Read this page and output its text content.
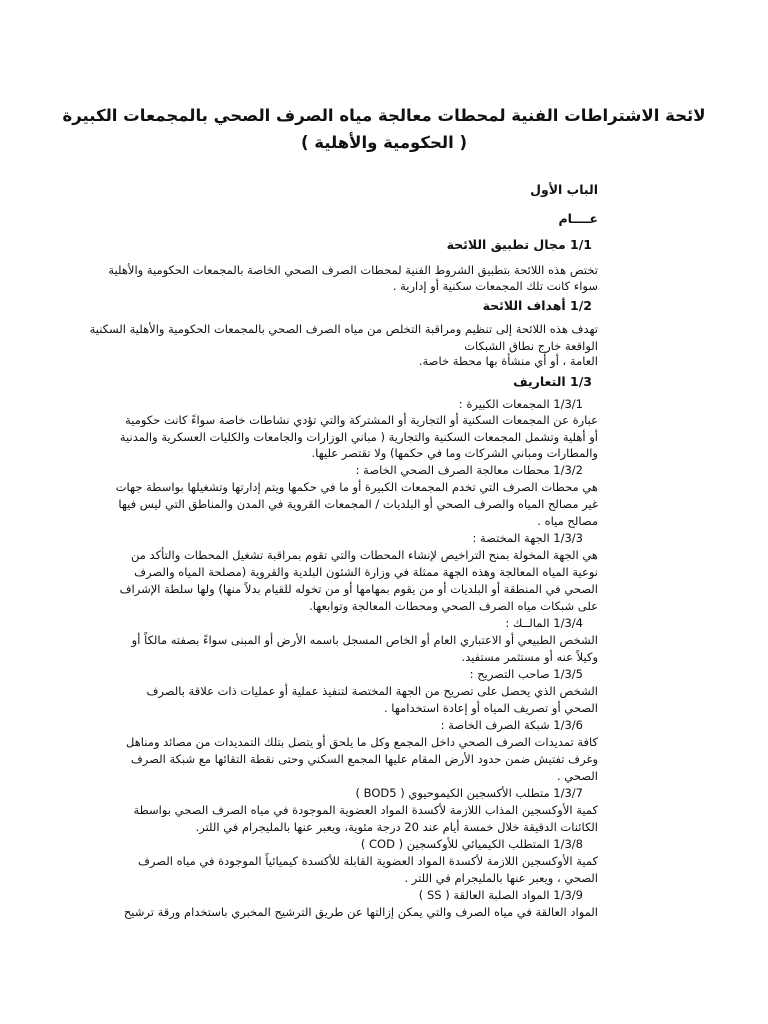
لائحة الاشتراطات الفنية لمحطات معالجة مياه الصرف الصحي بالمجمعات الكبيرة
( الحكومية والأهلية )
الباب الأول
عــــام
1/1 مجال تطبيق اللائحة
تختص هذه اللائحة بتطبيق الشروط الفنية لمحطات الصرف الصحي الخاصة بالمجمعات الحكومية والأهلية
سواء كانت تلك المجمعات سكنية أو إدارية .
1/2 أهداف اللائحة
تهدف هذه اللائحة إلى تنظيم ومراقبة التخلص من مياه الصرف الصحي بالمجمعات الحكومية والأهلية السكنية
الواقعة خارج نطاق الشبكات
العامة ، أو أي منشأة بها محطة خاصة.
1/3 التعاريف
1/3/1 المجمعات الكبيرة :
عبارة عن المجمعات السكنية أو التجارية أو المشتركة والتي تؤدي نشاطات خاصة سواءً كانت حكومية
أو أهلية وتشمل المجمعات السكنية والتجارية ( مباني الوزارات والجامعات والكليات العسكرية والمدنية
والمطارات ومباني الشركات وما في حكمها) ولا تقتصر عليها.
1/3/2 محطات معالجة الصرف الصحي الخاصة :
هي محطات الصرف التي تخدم المجمعات الكبيرة أو ما في حكمها ويتم إدارتها وتشغيلها بواسطة جهات
غير مصالح المياه والصرف الصحي أو البلديات / المجمعات القروية في المدن والمناطق التي ليس فيها
مصالح مياه .
1/3/3 الجهة المختصة :
هي الجهة المخولة بمنح التراخيص لإنشاء المحطات والتي تقوم بمراقبة تشغيل المحطات والتأكد من
نوعية المياه المعالجة وهذه الجهة ممثلة في وزارة الشئون البلدية والقروية (مصلحة المياه والصرف
الصحي في المنطقة أو البلديات أو من يقوم بمهامها أو من تخوله للقيام بدلاً منها) ولها سلطة الإشراف
على شبكات مياه الصرف الصحي ومحطات المعالجة وتوابعها.
1/3/4 المالــك :
الشخص الطبيعي أو الاعتباري العام أو الخاص المسجل باسمه الأرض أو المبنى سواءً بصفته مالكاً أو
وكيلاً عنه أو مستثمر مستفيد.
1/3/5 صاحب التصريح :
الشخص الذي يحصل على تصريح من الجهة المختصة لتنفيذ عملية أو عمليات ذات علاقة بالصرف
الصحي أو تصريف المياه أو إعادة استخدامها .
1/3/6 شبكة الصرف الخاصة :
كافة تمديدات الصرف الصحي داخل المجمع وكل ما يلحق أو يتصل بتلك التمديدات من مصائد ومناهل
وغرف تفتيش ضمن حدود الأرض المقام عليها المجمع السكني وحتى نقطة التقائها مع شبكة الصرف
الصحي .
1/3/7 متطلب الأكسجين الكيموحيوي ( BOD5 )
كمية الأوكسجين المذاب اللازمة لأكسدة المواد العضوية الموجودة في مياه الصرف الصحي بواسطة
الكائنات الدقيقة خلال خمسة أيام عند 20 درجة مئوية، ويعبر عنها بالمليجرام في اللتر.
1/3/8 المتطلب الكيميائي للأوكسجين ( COD )
كمية الأوكسجين اللازمة لأكسدة المواد العضوية القابلة للأكسدة كيميائياً الموجودة في مياه الصرف
الصحي ، ويعبر عنها بالمليجرام في اللتر .
1/3/9 المواد الصلبة العالقة ( SS )
المواد العالقة في مياه الصرف والتي يمكن إزالتها عن طريق الترشيح المخبري باستخدام ورقة ترشيح
